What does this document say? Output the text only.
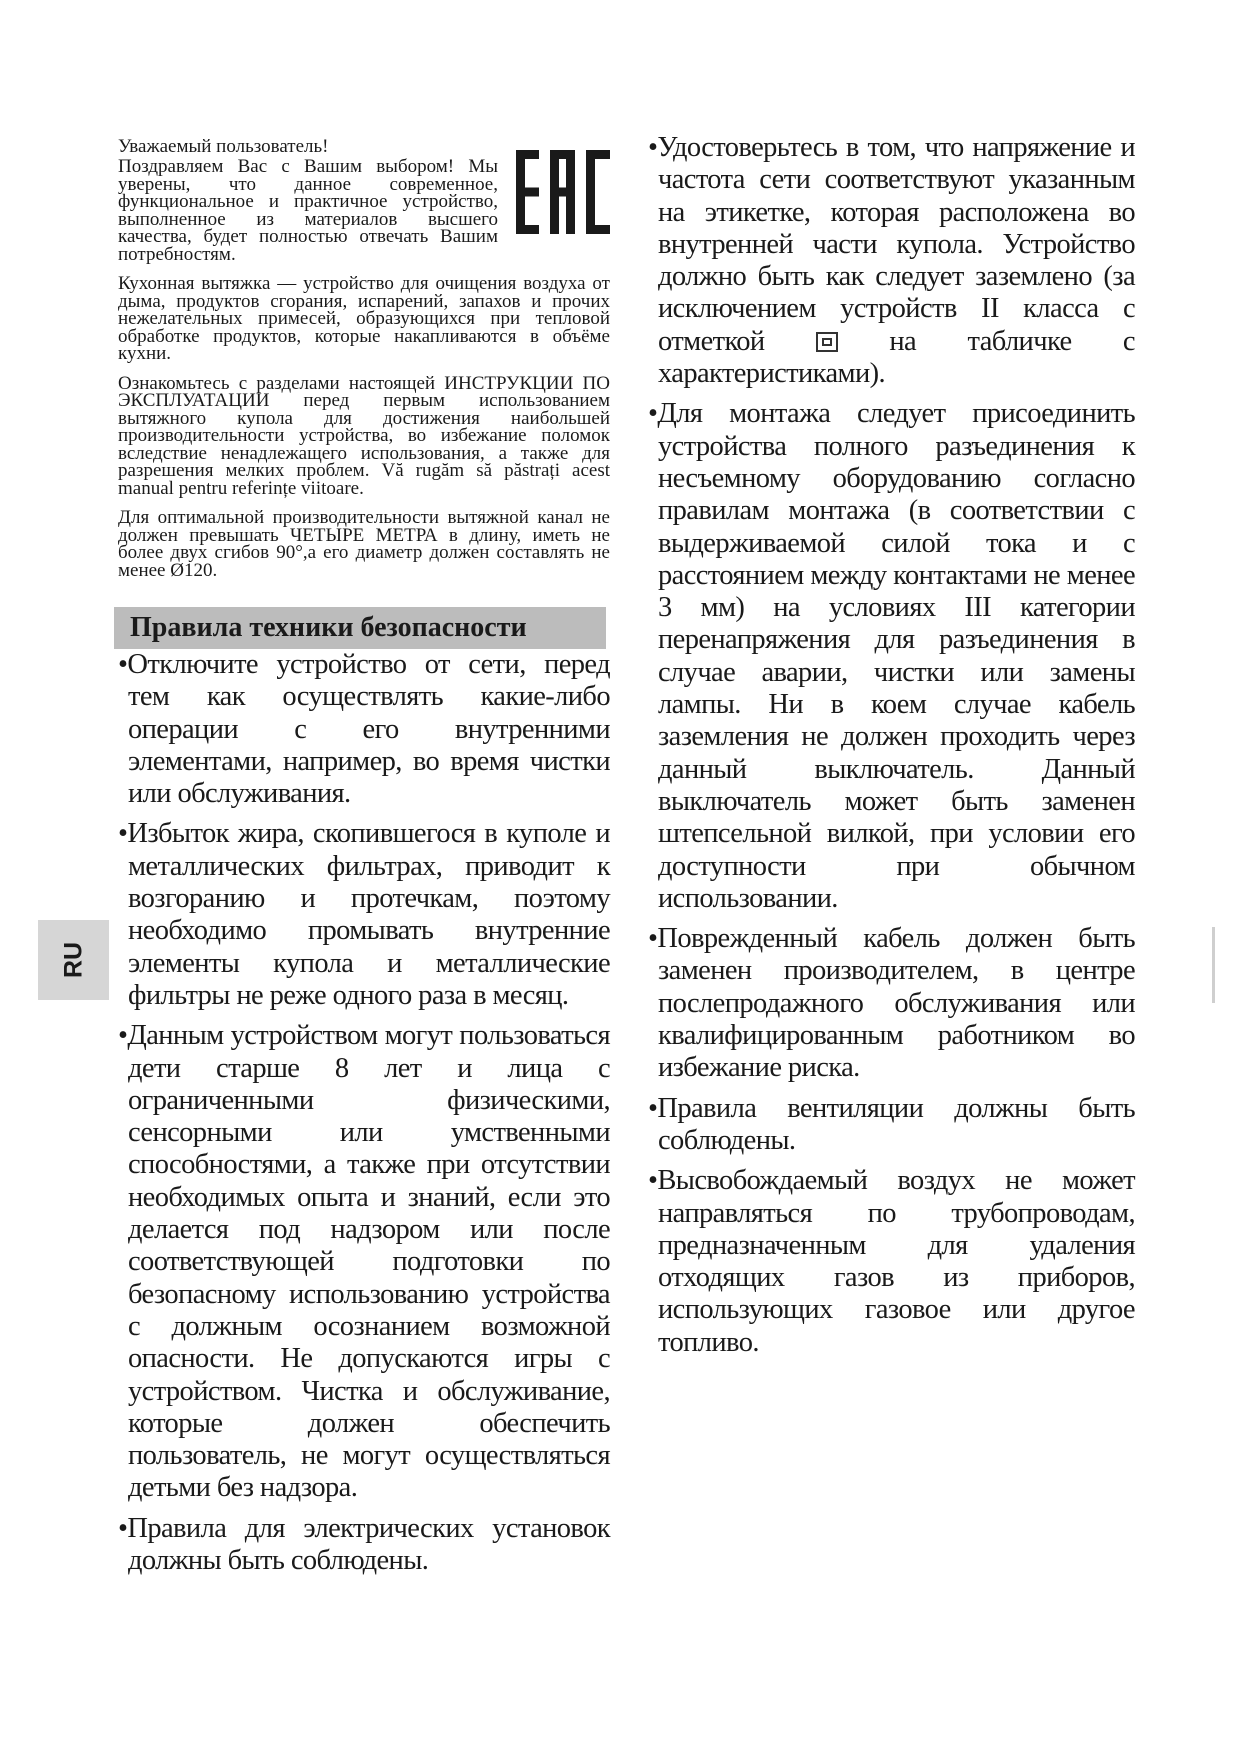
RU

Уважаемый пользователь!

Поздравляем Вас с Вашим выбором! Мы уверены, что данное современное, функциональное и практичное устройство, выполненное из материалов высшего качества, будет полностью отвечать Вашим потребностям.

Кухонная вытяжка — устройство для очищения воздуха от дыма, продуктов сгорания, испарений, запахов и прочих нежелательных примесей, образующихся при тепловой обработке продуктов, которые накапливаются в объёме кухни.

Ознакомьтесь с разделами настоящей ИНСТРУКЦИИ ПО ЭКСПЛУАТАЦИИ перед первым использованием вытяжного купола для достижения наибольшей производительности устройства, во избежание поломок вследствие ненадлежащего использования, а также для разрешения мелких проблем. Vă rugăm să păstrați acest manual pentru referințe viitoare.

Для оптимальной производительности вытяжной канал не должен превышать ЧЕТЫРЕ МЕТРА в длину, иметь не более двух сгибов 90°,а его диаметр должен составлять не менее Ø120.

Правила техники безопасности

•Отключите устройство от сети, перед тем как осуществлять какие-либо операции с его внутренними элементами, например, во время чистки или обслуживания.

•Избыток жира, скопившегося в куполе и металлических фильтрах, приводит к возгоранию и протечкам, поэтому необходимо промывать внутренние элементы купола и металлические фильтры не реже одного раза в месяц.

•Данным устройством могут пользоваться дети старше 8 лет и лица с ограниченными физическими, сенсорными или умственными способностями, а также при отсутствии необходимых опыта и знаний, если это делается под надзором или после соответствующей подготовки по безопасному использованию устройства с должным осознанием возможной опасности. Не допускаются игры с устройством. Чистка и обслуживание, которые должен обеспечить пользователь, не могут осуществляться детьми без надзора.

•Правила для электрических установок должны быть соблюдены.

•Удостоверьтесь в том, что напряжение и частота сети соответствуют указанным на этикетке, которая расположена во внутренней части купола. Устройство должно быть как следует заземлено (за исключением устройств II класса с отметкой	на табличке с характеристиками).

•Для монтажа следует присоединить устройства полного разъединения к несъемному оборудованию согласно правилам монтажа (в соответствии с выдерживаемой силой тока и с расстоянием между контактами не менее 3 мм) на условиях III категории перенапряжения для разъединения в случае аварии, чистки или замены лампы. Ни в коем случае кабель заземления не должен проходить через данный выключатель. Данный выключатель может быть заменен штепсельной вилкой, при условии его доступности при обычном использовании.

•Поврежденный кабель должен быть заменен производителем, в центре послепродажного обслуживания или квалифицированным работником во избежание риска.

•Правила вентиляции должны быть соблюдены.

•Высвобождаемый воздух не может направляться по трубопроводам, предназначенным для удаления отходящих газов из приборов, использующих газовое или другое топливо.
